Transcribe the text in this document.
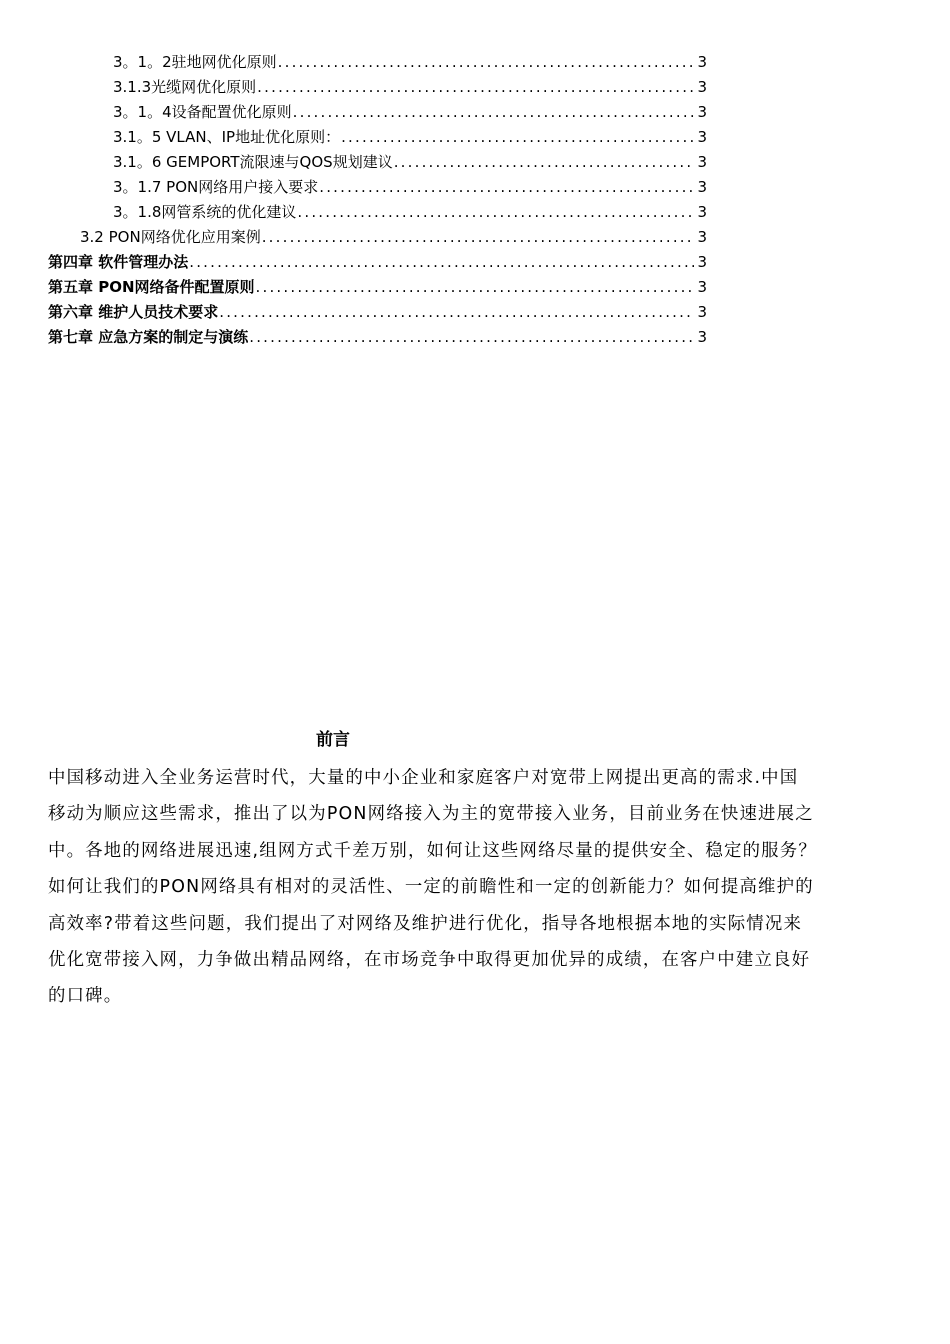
3。1。2驻地网优化原则 .....	3
3.1.3光缆网优化原则 .....	3
3。1。4设备配置优化原则 .....	3
3.1。5 VLAN、IP地址优化原则： .....	3
3.1。6 GEMPORT流限速与QOS规划建议 .....	3
3。1.7 PON网络用户接入要求 .....	3
3。1.8网管系统的优化建议 .....	3
3.2 PON网络优化应用案例 .....	3
第四章 软件管理办法 .....	3
第五章 PON网络备件配置原则 .....	3
第六章 维护人员技术要求 .....	3
第七章 应急方案的制定与演练 .....	3
前言
中国移动进入全业务运营时代，大量的中小企业和家庭客户对宽带上网提出更高的需求.中国
移动为顺应这些需求，推出了以为PON网络接入为主的宽带接入业务，目前业务在快速进展之
中。各地的网络进展迅速,组网方式千差万别，如何让这些网络尽量的提供安全、稳定的服务？
如何让我们的PON网络具有相对的灵活性、一定的前瞻性和一定的创新能力？如何提高维护的
高效率?带着这些问题，我们提出了对网络及维护进行优化，指导各地根据本地的实际情况来
优化宽带接入网，力争做出精品网络，在市场竞争中取得更加优异的成绩，在客户中建立良好
的口碑。
